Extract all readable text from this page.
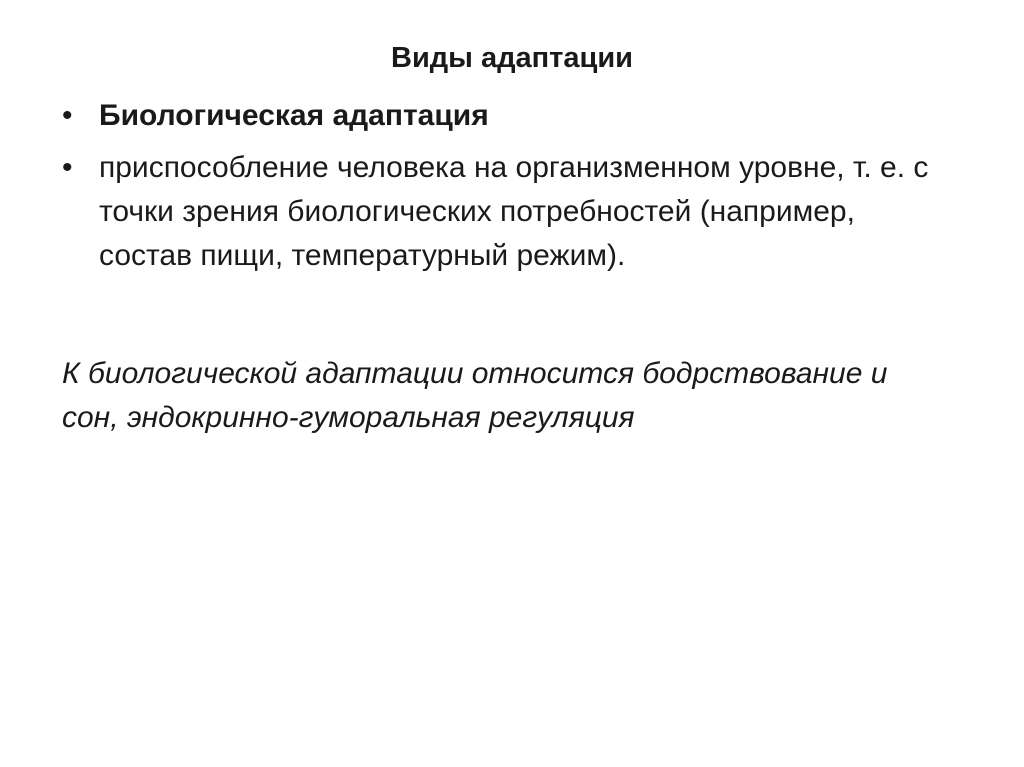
Виды адаптации
• Биологическая адаптация
• приспособление человека на организменном уровне, т. е. с точки зрения биологических потребностей (например, состав пищи, температурный режим).
К биологической адаптации относится бодрствование и сон, эндокринно-гуморальная регуляция
